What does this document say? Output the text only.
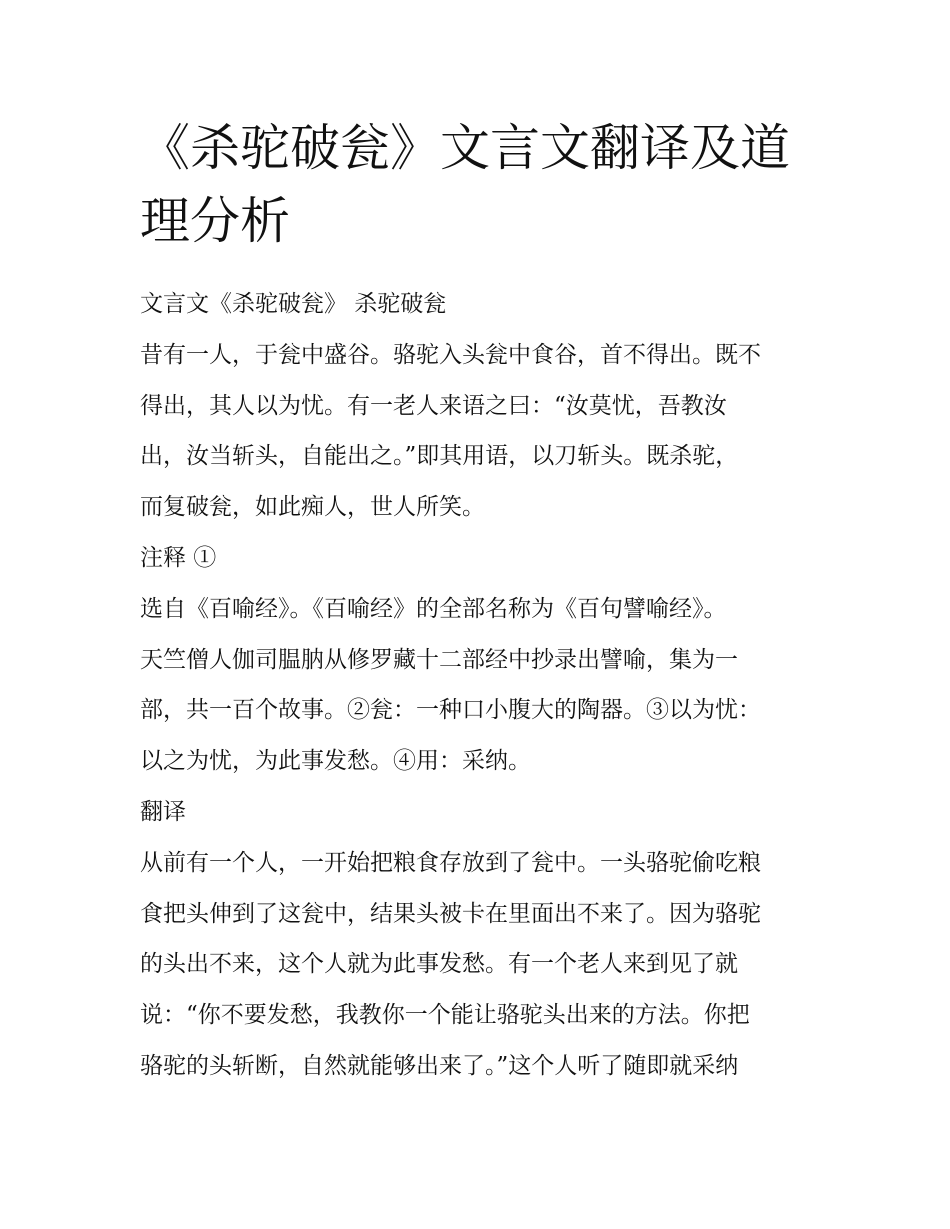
《杀驼破瓮》文言文翻译及道理分析

文言文《杀驼破瓮》 杀驼破瓮

昔有一人，于瓮中盛谷。骆驼入头瓮中食谷，首不得出。既不

得出，其人以为忧。有一老人来语之曰：“汝莫忧，吾教汝

出，汝当斩头，自能出之。”即其用语，以刀斩头。既杀驼，

而复破瓮，如此痴人，世人所笑。

注释 ①

选自《百喻经》。《百喻经》的全部名称为《百句譬喻经》。

天竺僧人伽司腽肭从修罗藏十二部经中抄录出譬喻，集为一

部，共一百个故事。②瓮：一种口小腹大的陶器。③以为忧：

以之为忧，为此事发愁。④用：采纳。

翻译

从前有一个人，一开始把粮食存放到了瓮中。一头骆驼偷吃粮

食把头伸到了这瓮中，结果头被卡在里面出不来了。因为骆驼

的头出不来，这个人就为此事发愁。有一个老人来到见了就

说：“你不要发愁，我教你一个能让骆驼头出来的方法。你把

骆驼的头斩断，自然就能够出来了。”这个人听了随即就采纳
